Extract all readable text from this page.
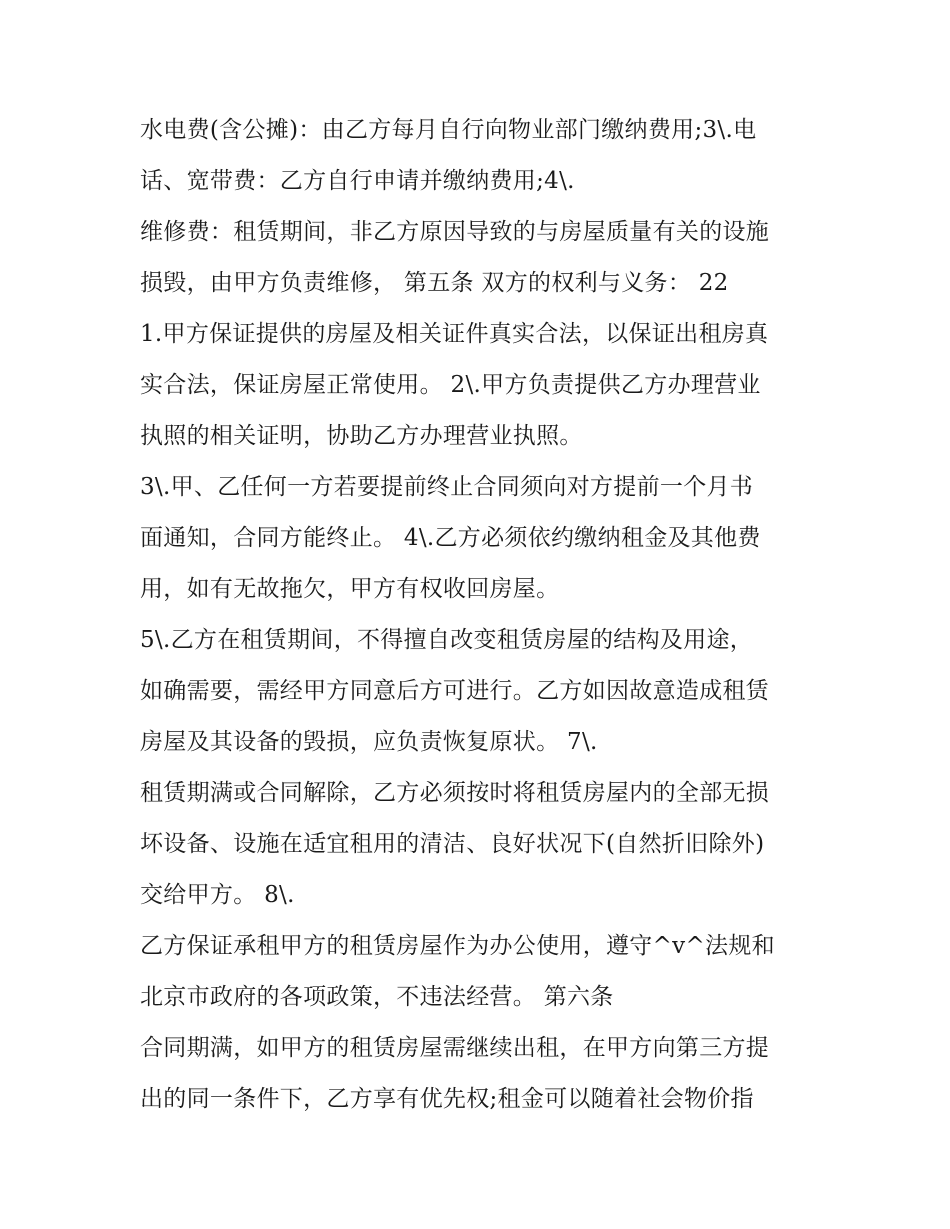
水电费(含公摊)：由乙方每月自行向物业部门缴纳费用;3\.电
话、宽带费：乙方自行申请并缴纳费用;4\.
维修费：租赁期间，非乙方原因导致的与房屋质量有关的设施
损毁，由甲方负责维修， 第五条 双方的权利与义务： 22
1.甲方保证提供的房屋及相关证件真实合法，以保证出租房真
实合法，保证房屋正常使用。 2\.甲方负责提供乙方办理营业
执照的相关证明，协助乙方办理营业执照。
3\.甲、乙任何一方若要提前终止合同须向对方提前一个月书
面通知，合同方能终止。 4\.乙方必须依约缴纳租金及其他费
用，如有无故拖欠，甲方有权收回房屋。
5\.乙方在租赁期间，不得擅自改变租赁房屋的结构及用途，
如确需要，需经甲方同意后方可进行。乙方如因故意造成租赁
房屋及其设备的毁损，应负责恢复原状。 7\.
租赁期满或合同解除，乙方必须按时将租赁房屋内的全部无损
坏设备、设施在适宜租用的清洁、良好状况下(自然折旧除外)
交给甲方。 8\.
乙方保证承租甲方的租赁房屋作为办公使用，遵守^v^法规和
北京市政府的各项政策，不违法经营。 第六条
合同期满，如甲方的租赁房屋需继续出租，在甲方向第三方提
出的同一条件下，乙方享有优先权;租金可以随着社会物价指
